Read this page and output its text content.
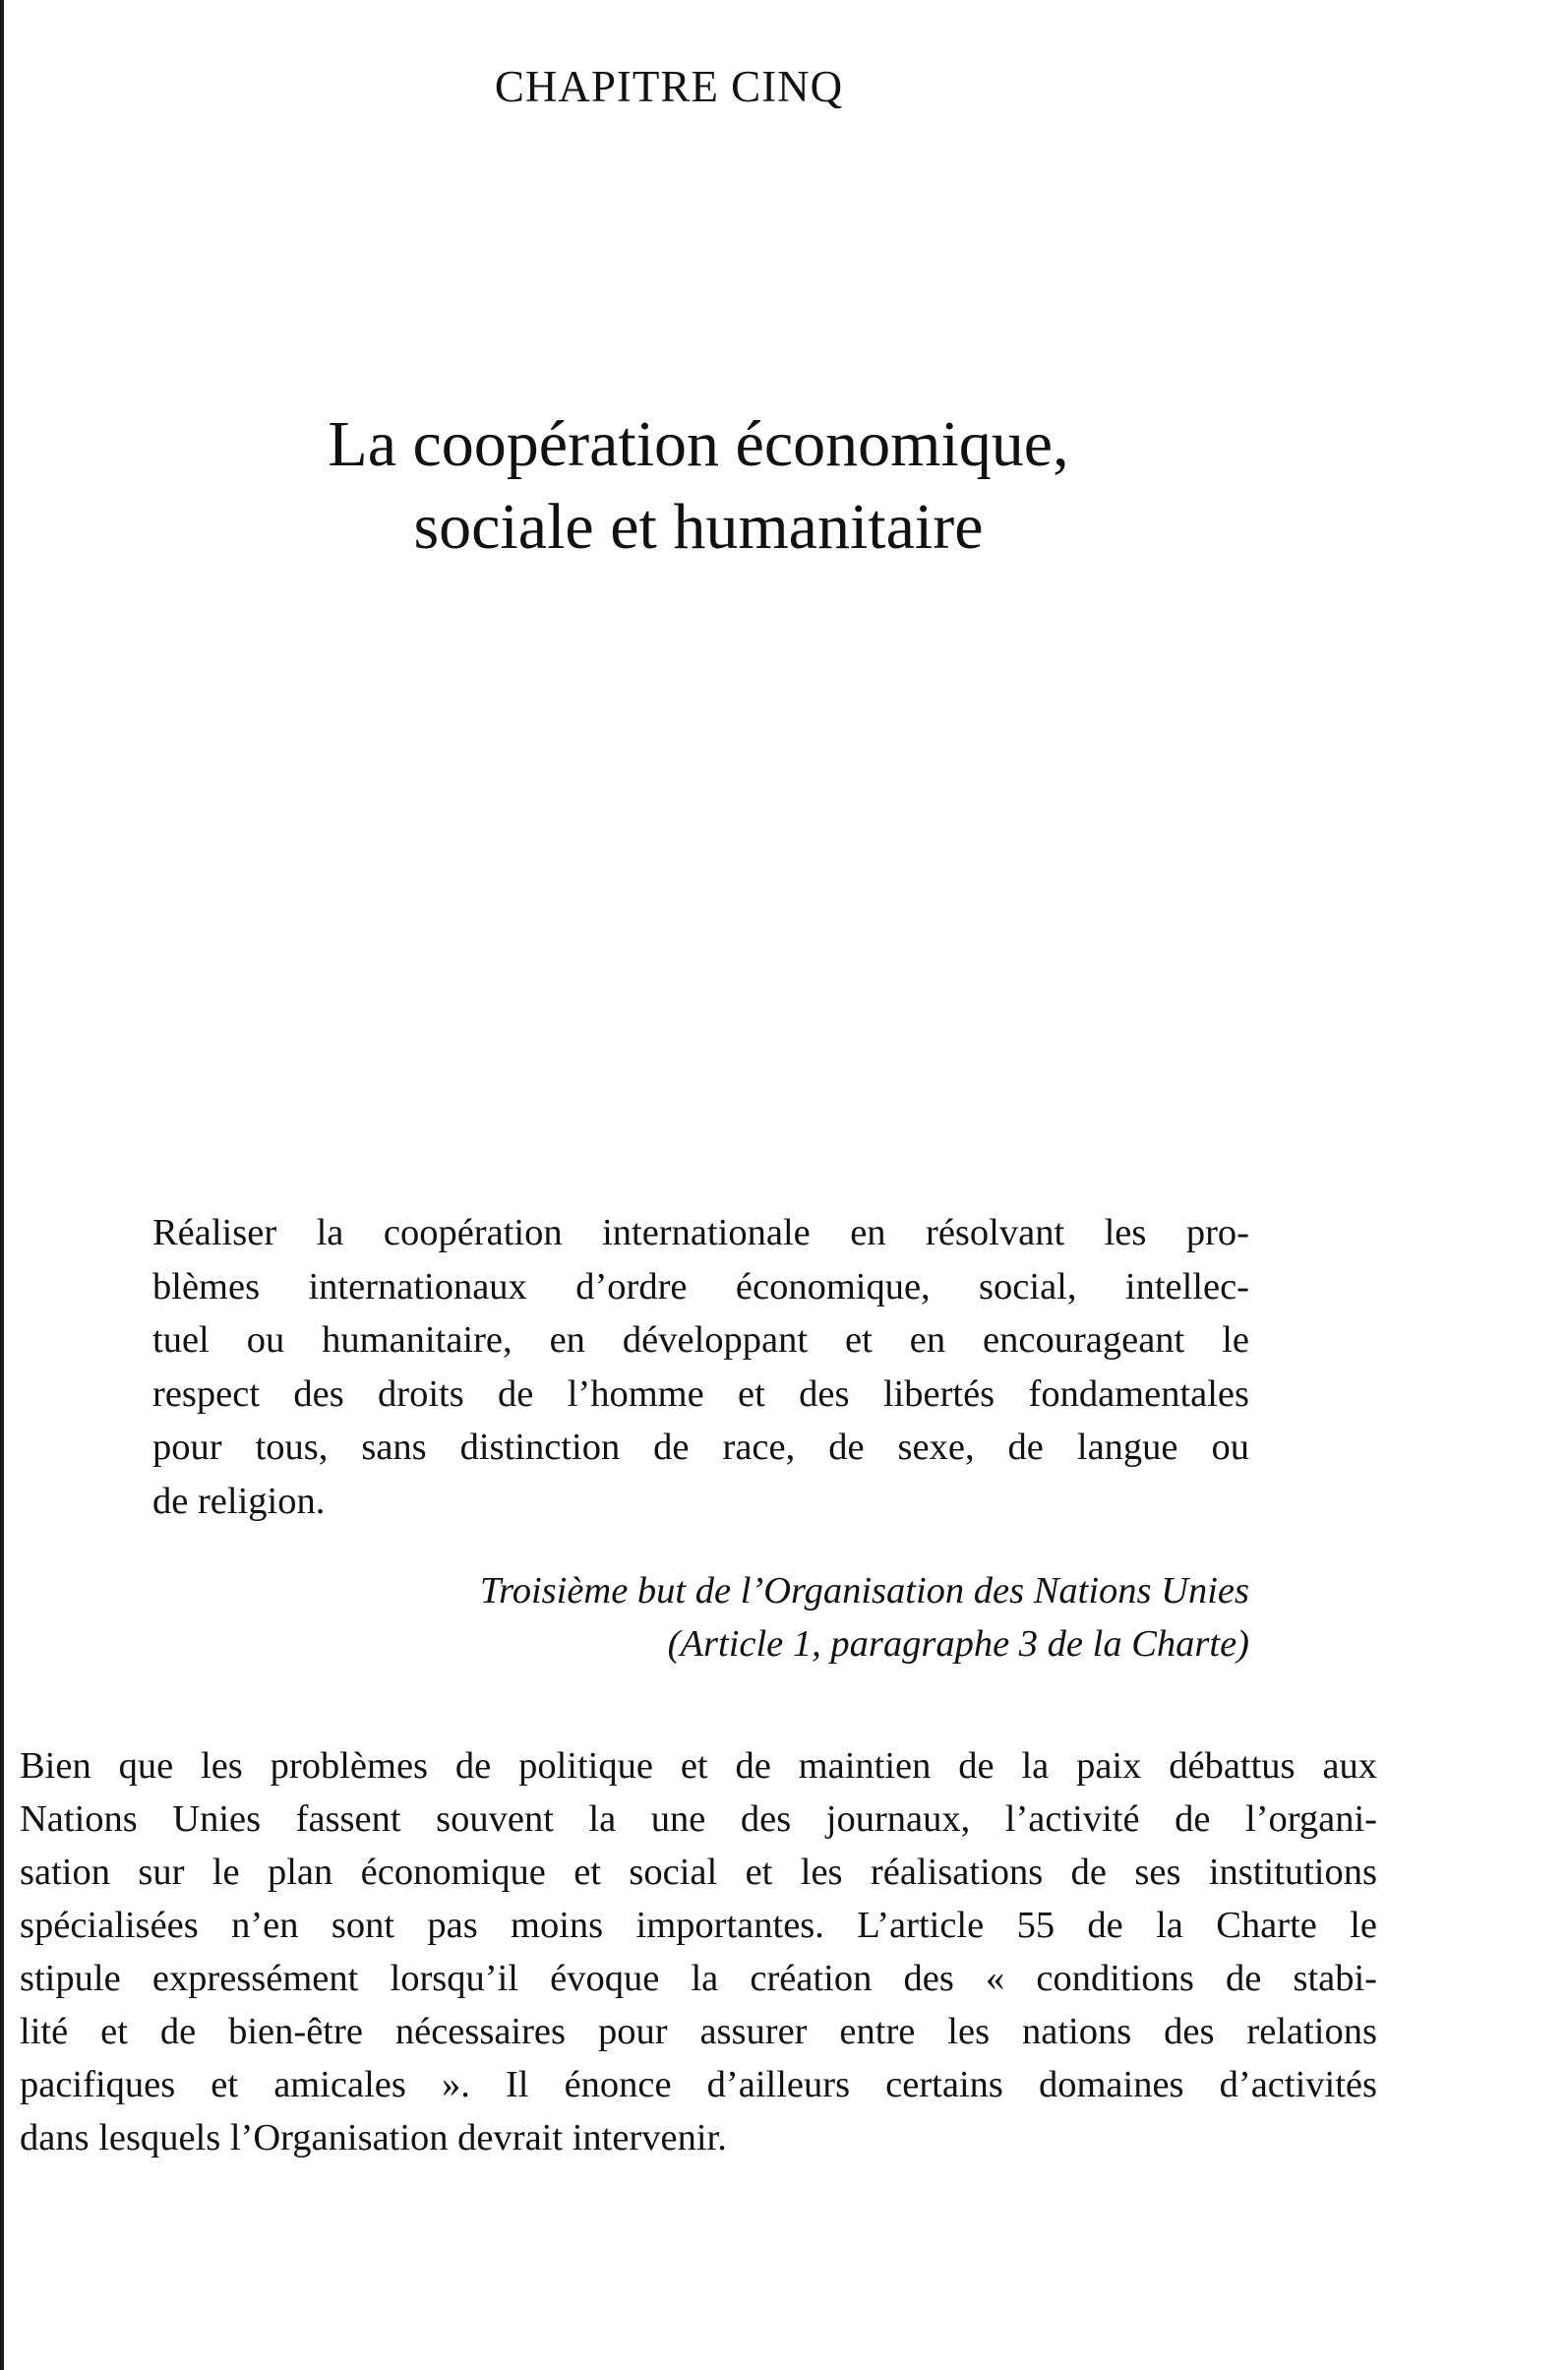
CHAPITRE CINQ
La coopération économique,
sociale et humanitaire
Réaliser la coopération internationale en résolvant les pro-
blèmes internationaux d’ordre économique, social, intellec-
tuel ou humanitaire, en développant et en encourageant le
respect des droits de l’homme et des libertés fondamentales
pour tous, sans distinction de race, de sexe, de langue ou
de religion.
Troisième but de l’Organisation des Nations Unies
(Article 1, paragraphe 3 de la Charte)
Bien que les problèmes de politique et de maintien de la paix débattus aux
Nations Unies fassent souvent la une des journaux, l’activité de l’organi-
sation sur le plan économique et social et les réalisations de ses institutions
spécialisées n’en sont pas moins importantes. L’article 55 de la Charte le
stipule expressément lorsqu’il évoque la création des « conditions de stabi-
lité et de bien-être nécessaires pour assurer entre les nations des relations
pacifiques et amicales ». Il énonce d’ailleurs certains domaines d’activités
dans lesquels l’Organisation devrait intervenir.
